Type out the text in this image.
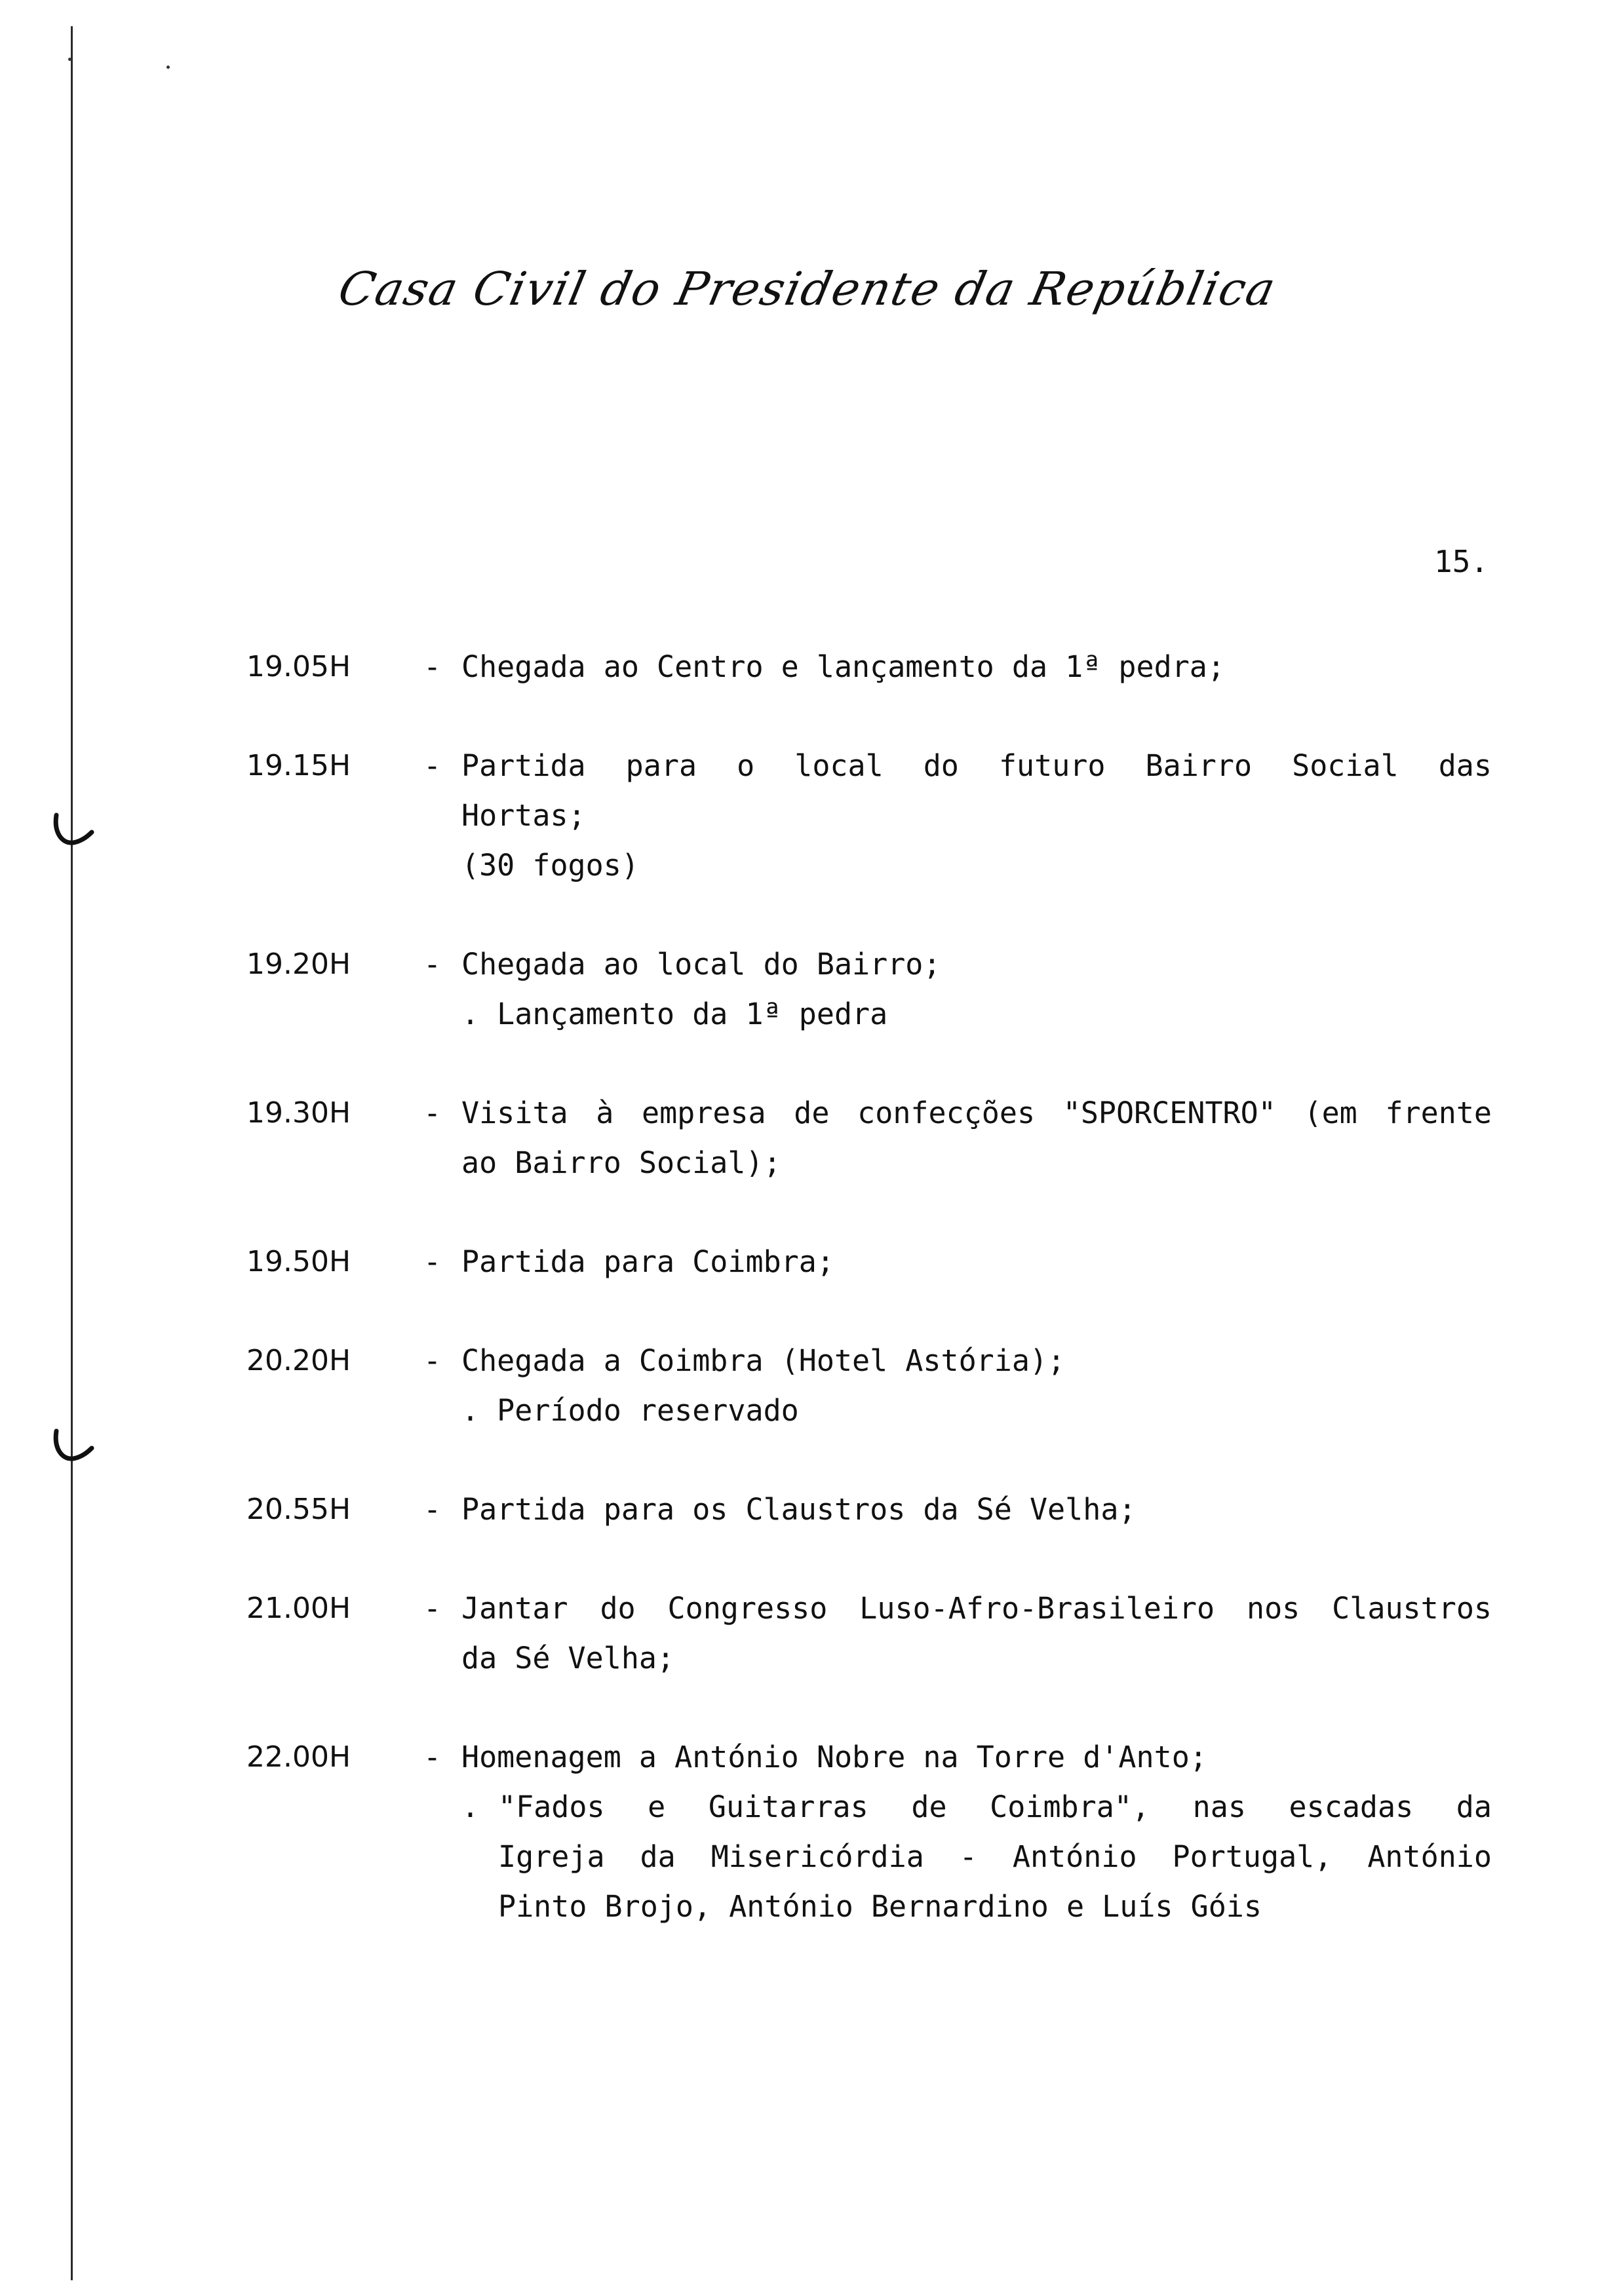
Casa Civil do Presidente da República
15.
19.05H	- Chegada ao Centro e lançamento da 1ª pedra;
19.15H	- Partida para o local do futuro Bairro Social das
Hortas;
(30 fogos)
19.20H	- Chegada ao local do Bairro;
. Lançamento da 1ª pedra
19.30H	- Visita à empresa de confecções "SPORCENTRO" (em frente
ao Bairro Social);
19.50H	- Partida para Coimbra;
20.20H	- Chegada a Coimbra (Hotel Astória);
. Período reservado
20.55H	- Partida para os Claustros da Sé Velha;
21.00H	- Jantar do Congresso Luso-Afro-Brasileiro nos Claustros
da Sé Velha;
22.00H	- Homenagem a António Nobre na Torre d'Anto;
. "Fados e Guitarras de Coimbra", nas escadas da
Igreja da Misericórdia - António Portugal, António
Pinto Brojo, António Bernardino e Luís Góis
